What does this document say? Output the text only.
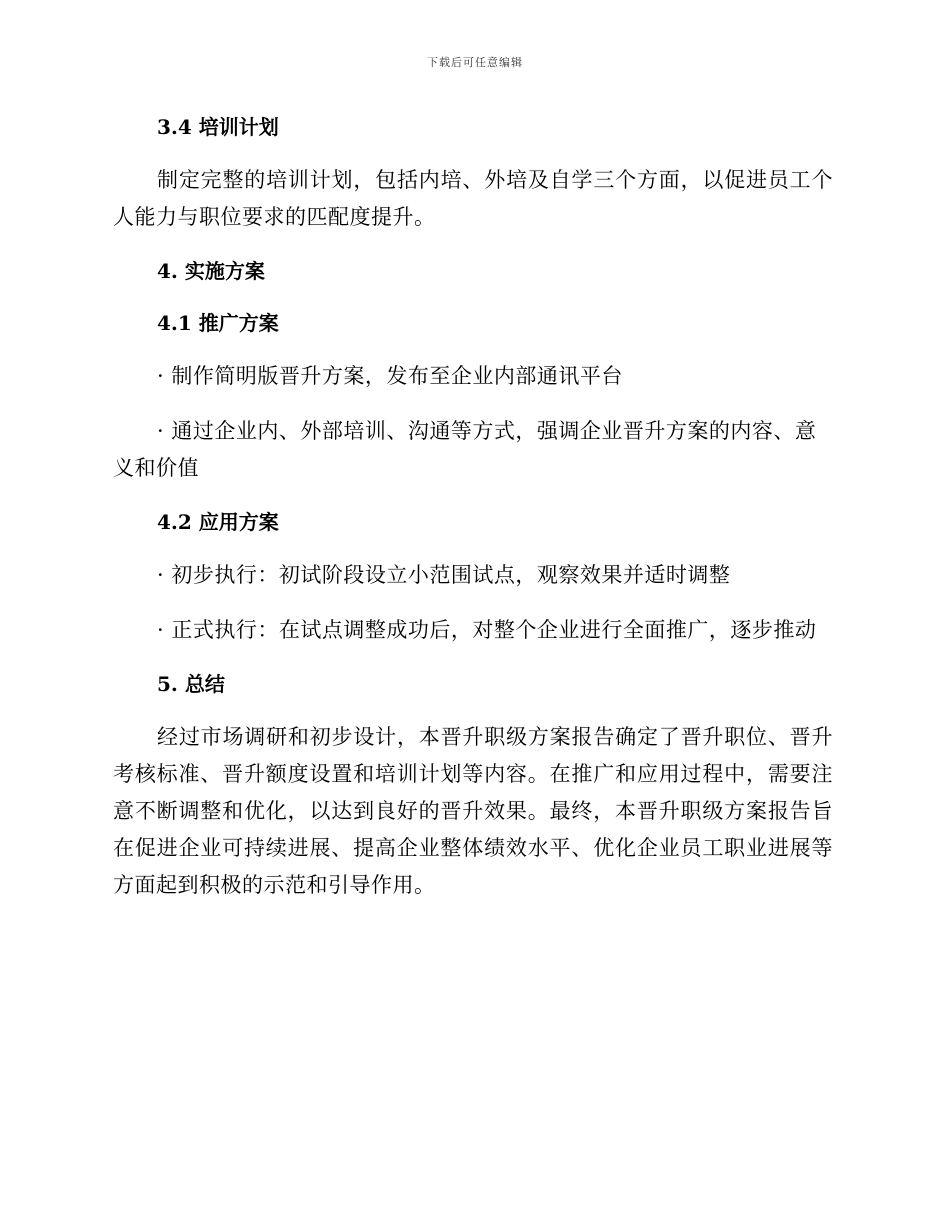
下载后可任意编辑

3.4 培训计划

制定完整的培训计划，包括内培、外培及自学三个方面，以促进员工个人能力与职位要求的匹配度提升。

4. 实施方案

4.1 推广方案

· 制作简明版晋升方案，发布至企业内部通讯平台

· 通过企业内、外部培训、沟通等方式，强调企业晋升方案的内容、意义和价值

4.2 应用方案

· 初步执行：初试阶段设立小范围试点，观察效果并适时调整

· 正式执行：在试点调整成功后，对整个企业进行全面推广，逐步推动

5. 总结

经过市场调研和初步设计，本晋升职级方案报告确定了晋升职位、晋升考核标准、晋升额度设置和培训计划等内容。在推广和应用过程中，需要注意不断调整和优化，以达到良好的晋升效果。最终，本晋升职级方案报告旨在促进企业可持续进展、提高企业整体绩效水平、优化企业员工职业进展等方面起到积极的示范和引导作用。
